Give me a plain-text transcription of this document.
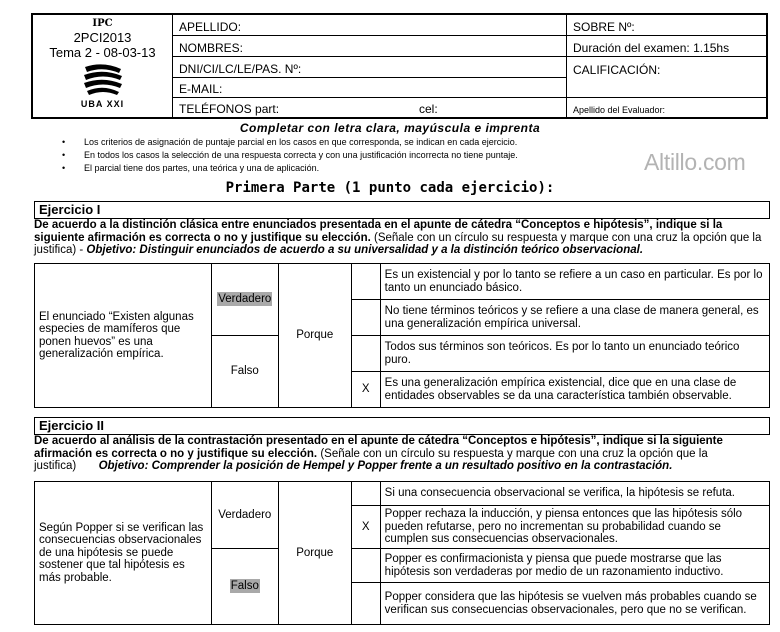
IPC
2PCI2013
Tema 2 - 08-03-13
UBA XXI
APELLIDO:
NOMBRES:
DNI/CI/LC/LE/PAS. Nº:
E-MAIL:
TELÉFONOS part:	cel:
SOBRE Nº:
Duración del examen: 1.15hs
CALIFICACIÓN:
Apellido del Evaluador:
Completar con letra clara, mayúscula e imprenta
• Los criterios de asignación de puntaje parcial en los casos en que corresponda, se indican en cada ejercicio.
• En todos los casos la selección de una respuesta correcta y con una justificación incorrecta no tiene puntaje.
• El parcial tiene dos partes, una teórica y una de aplicación.	Altillo.com
Primera Parte (1 punto cada ejercicio):
Ejercicio I
De acuerdo a la distinción clásica entre enunciados presentada en el apunte de cátedra “Conceptos e hipótesis”, indique si la siguiente afirmación es correcta o no y justifique su elección. (Señale con un círculo su respuesta y marque con una cruz la opción que la justifica) - Objetivo: Distinguir enunciados de acuerdo a su universalidad y a la distinción teórico observacional.
El enunciado “Existen algunas especies de mamíferos que ponen huevos” es una generalización empírica.	Verdadero	Porque		Es un existencial y por lo tanto se refiere a un caso en particular. Es por lo tanto un enunciado básico.
				No tiene términos teóricos y se refiere a una clase de manera general, es una generalización empírica universal.
	Falso			Todos sus términos son teóricos. Es por lo tanto un enunciado teórico puro.
			X	Es una generalización empírica existencial, dice que en una clase de entidades observables se da una característica también observable.
Ejercicio II
De acuerdo al análisis de la contrastación presentado en el apunte de cátedra “Conceptos e hipótesis”, indique si la siguiente afirmación es correcta o no y justifique su elección. (Señale con un círculo su respuesta y marque con una cruz la opción que la justifica) Objetivo: Comprender la posición de Hempel y Popper frente a un resultado positivo en la contrastación.
Según Popper si se verifican las consecuencias observacionales de una hipótesis se puede sostener que tal hipótesis es más probable.	Verdadero	Porque		Si una consecuencia observacional se verifica, la hipótesis se refuta.
			X	Popper rechaza la inducción, y piensa entonces que las hipótesis sólo pueden refutarse, pero no incrementan su probabilidad cuando se cumplen sus consecuencias observacionales.
	Falso			Popper es confirmacionista y piensa que puede mostrarse que las hipótesis son verdaderas por medio de un razonamiento inductivo.
				Popper considera que las hipótesis se vuelven más probables cuando se verifican sus consecuencias observacionales, pero que no se verifican.
